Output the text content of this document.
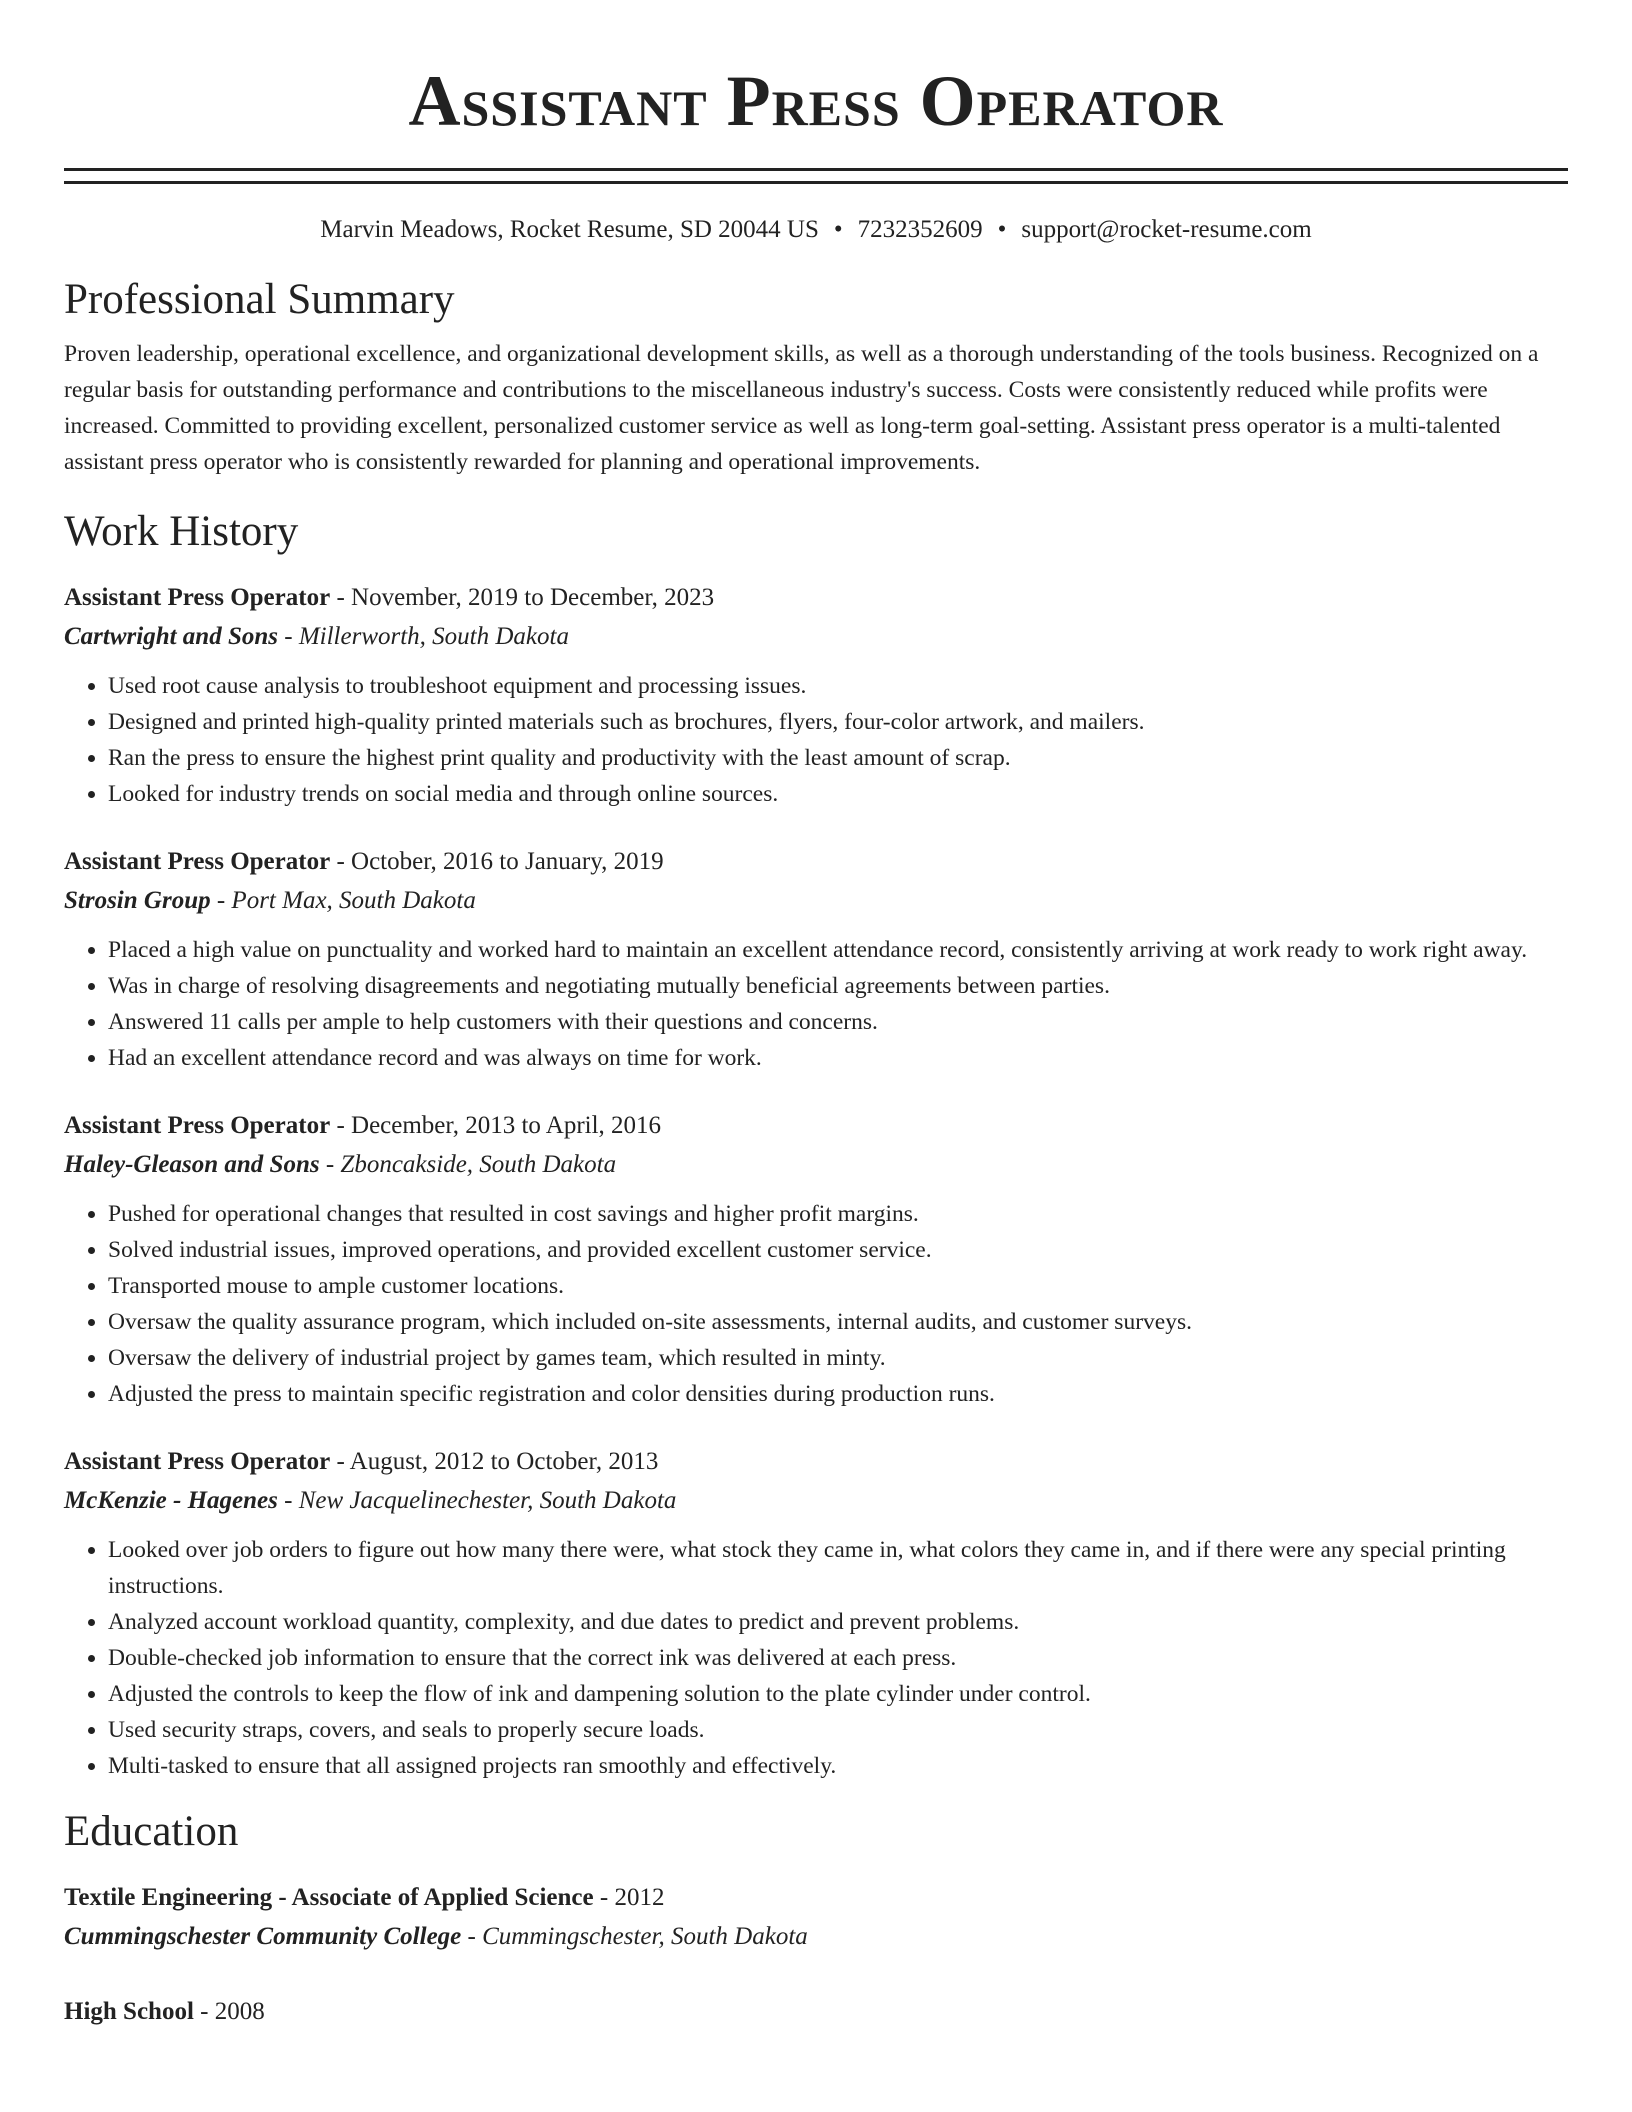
Assistant Press Operator
Marvin Meadows, Rocket Resume, SD 20044 US • 7232352609 • support@rocket-resume.com
Professional Summary
Proven leadership, operational excellence, and organizational development skills, as well as a thorough understanding of the tools business. Recognized on a regular basis for outstanding performance and contributions to the miscellaneous industry's success. Costs were consistently reduced while profits were increased. Committed to providing excellent, personalized customer service as well as long-term goal-setting. Assistant press operator is a multi-talented assistant press operator who is consistently rewarded for planning and operational improvements.
Work History
Assistant Press Operator - November, 2019 to December, 2023
Cartwright and Sons - Millerworth, South Dakota
• Used root cause analysis to troubleshoot equipment and processing issues.
• Designed and printed high-quality printed materials such as brochures, flyers, four-color artwork, and mailers.
• Ran the press to ensure the highest print quality and productivity with the least amount of scrap.
• Looked for industry trends on social media and through online sources.
Assistant Press Operator - October, 2016 to January, 2019
Strosin Group - Port Max, South Dakota
• Placed a high value on punctuality and worked hard to maintain an excellent attendance record, consistently arriving at work ready to work right away.
• Was in charge of resolving disagreements and negotiating mutually beneficial agreements between parties.
• Answered 11 calls per ample to help customers with their questions and concerns.
• Had an excellent attendance record and was always on time for work.
Assistant Press Operator - December, 2013 to April, 2016
Haley-Gleason and Sons - Zboncakside, South Dakota
• Pushed for operational changes that resulted in cost savings and higher profit margins.
• Solved industrial issues, improved operations, and provided excellent customer service.
• Transported mouse to ample customer locations.
• Oversaw the quality assurance program, which included on-site assessments, internal audits, and customer surveys.
• Oversaw the delivery of industrial project by games team, which resulted in minty.
• Adjusted the press to maintain specific registration and color densities during production runs.
Assistant Press Operator - August, 2012 to October, 2013
McKenzie - Hagenes - New Jacquelinechester, South Dakota
• Looked over job orders to figure out how many there were, what stock they came in, what colors they came in, and if there were any special printing instructions.
• Analyzed account workload quantity, complexity, and due dates to predict and prevent problems.
• Double-checked job information to ensure that the correct ink was delivered at each press.
• Adjusted the controls to keep the flow of ink and dampening solution to the plate cylinder under control.
• Used security straps, covers, and seals to properly secure loads.
• Multi-tasked to ensure that all assigned projects ran smoothly and effectively.
Education
Textile Engineering - Associate of Applied Science - 2012
Cummingschester Community College - Cummingschester, South Dakota
High School - 2008
